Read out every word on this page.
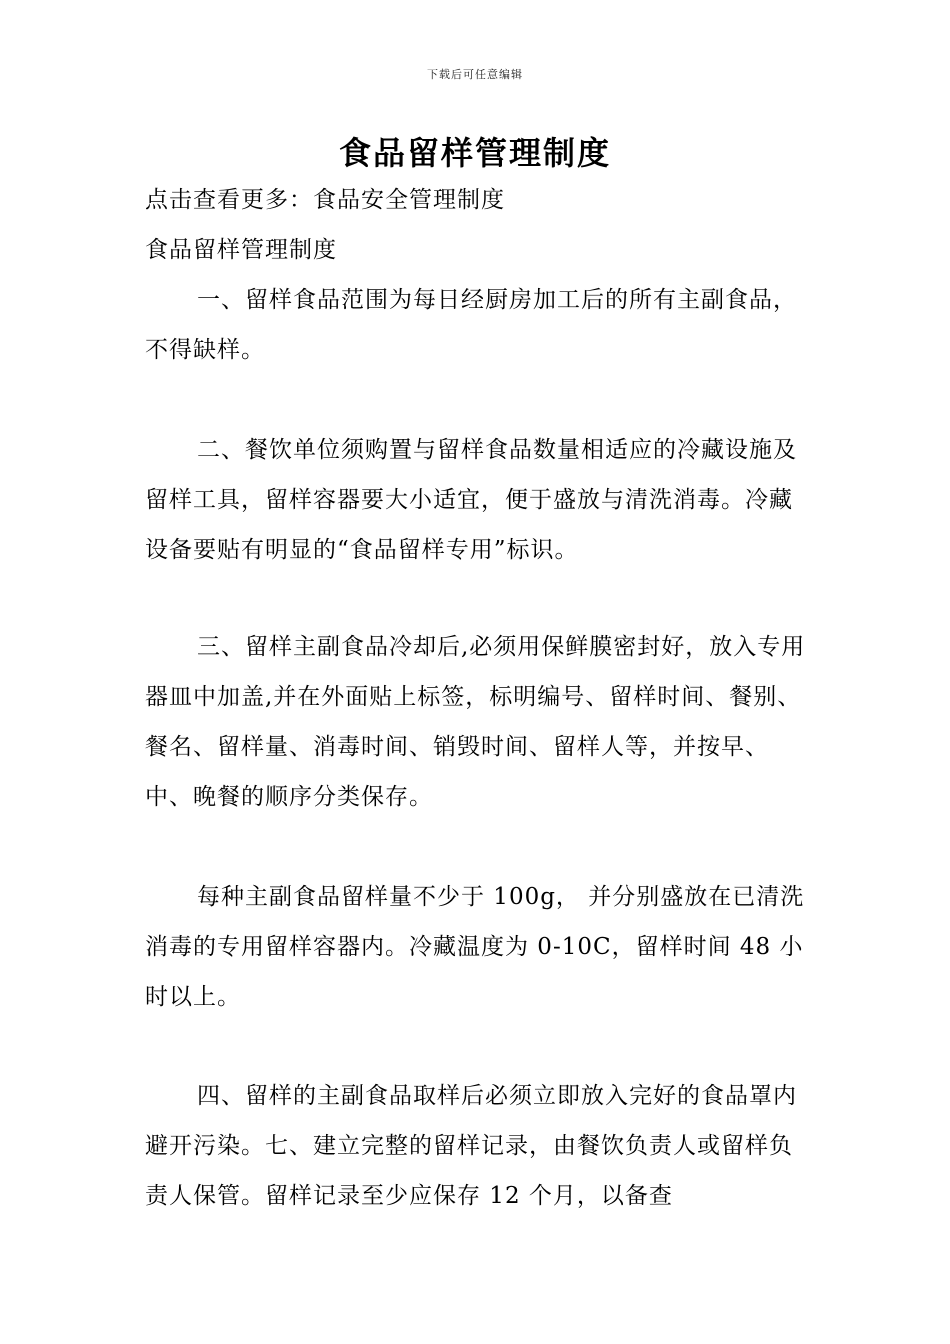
下载后可任意编辑
食品留样管理制度

点击查看更多：食品安全管理制度

食品留样管理制度

一、留样食品范围为每日经厨房加工后的所有主副食品，不得缺样。

二、餐饮单位须购置与留样食品数量相适应的冷藏设施及留样工具，留样容器要大小适宜，便于盛放与清洗消毒。冷藏设备要贴有明显的“食品留样专用”标识。

三、留样主副食品冷却后,必须用保鲜膜密封好，放入专用器皿中加盖,并在外面贴上标签，标明编号、留样时间、餐别、餐名、留样量、消毒时间、销毁时间、留样人等，并按早、中、晚餐的顺序分类保存。

每种主副食品留样量不少于 100g， 并分别盛放在已清洗消毒的专用留样容器内。冷藏温度为 0-10C，留样时间 48 小时以上。

四、留样的主副食品取样后必须立即放入完好的食品罩内避开污染。七、建立完整的留样记录，由餐饮负责人或留样负责人保管。留样记录至少应保存 12 个月，以备查
